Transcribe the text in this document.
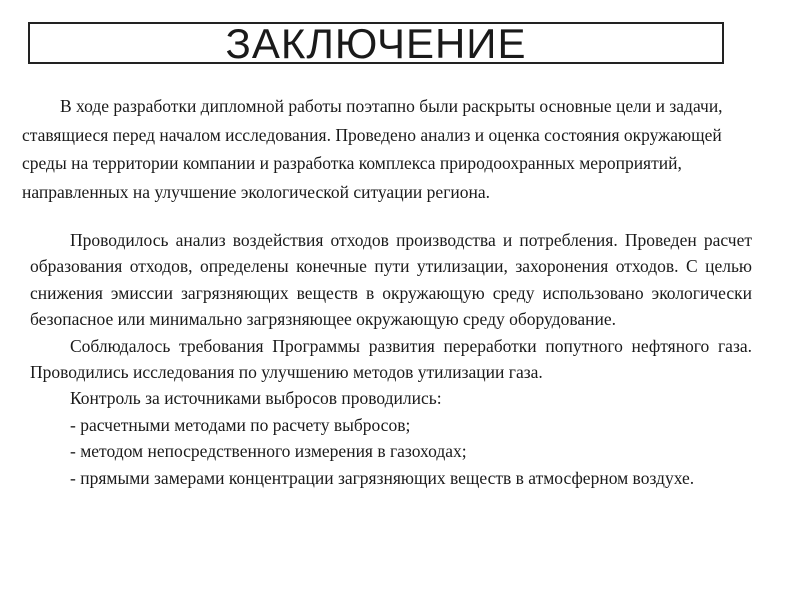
ЗАКЛЮЧЕНИЕ

В ходе разработки дипломной работы поэтапно были раскрыты основные цели и задачи, ставящиеся перед началом исследования. Проведено анализ и оценка состояния окружающей среды на территории компании и разработка комплекса природоохранных мероприятий, направленных на улучшение экологической ситуации региона.

Проводилось анализ воздействия отходов производства и потребления. Проведен расчет образования отходов, определены конечные пути утилизации, захоронения отходов. С целью снижения эмиссии загрязняющих веществ в окружающую среду использовано экологически безопасное или минимально загрязняющее окружающую среду оборудование.

Соблюдалось требования Программы развития переработки попутного нефтяного газа. Проводились исследования по улучшению методов утилизации газа.

Контроль за источниками выбросов проводились:

- расчетными методами по расчету выбросов;

- методом непосредственного измерения в газоходах;

- прямыми замерами концентрации загрязняющих веществ в атмосферном воздухе.
